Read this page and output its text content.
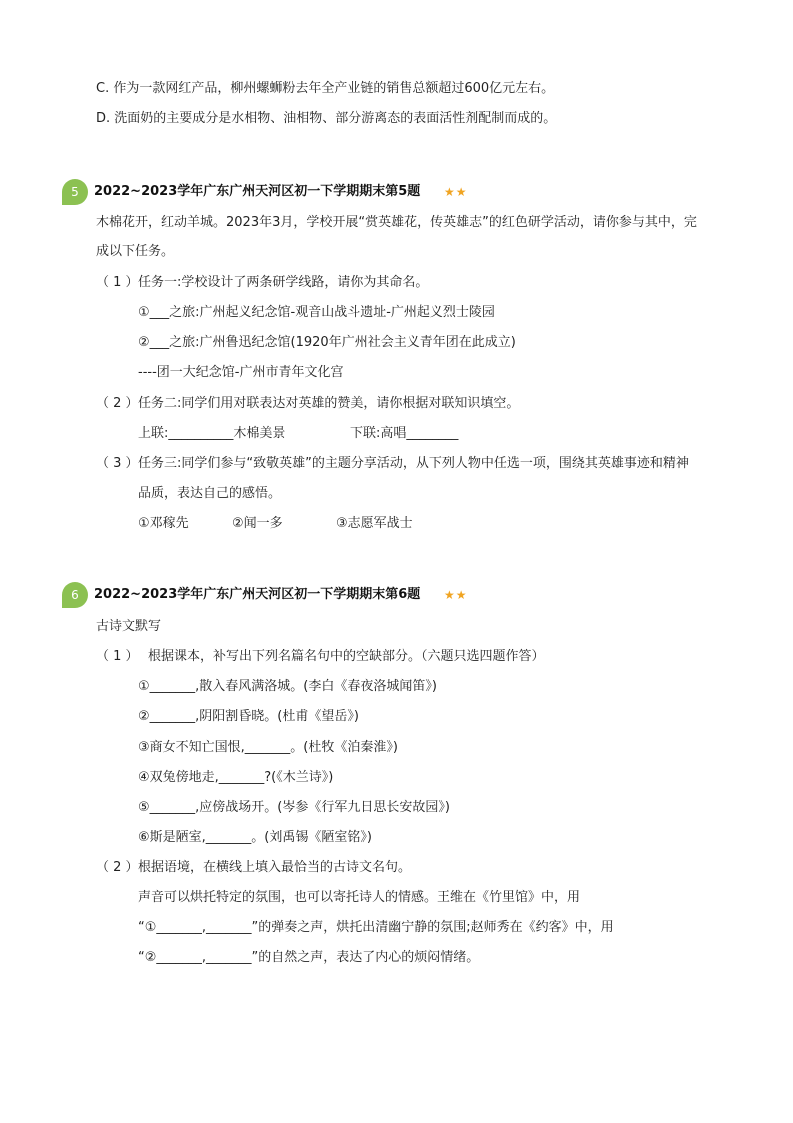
C. 作为一款网红产品，柳州螺蛳粉去年全产业链的销售总额超过600亿元左右。
D. 洗面奶的主要成分是水相物、油相物、部分游离态的表面活性剂配制而成的。
5	2022~2023学年广东广州天河区初一下学期期末第5题 ★★
木棉花开，红动羊城。2023年3月，学校开展“赏英雄花，传英雄志”的红色研学活动，请你参与其中，完
成以下任务。
（ 1 ） 任务一:学校设计了两条研学线路，请你为其命名。
①___之旅:广州起义纪念馆-观音山战斗遗址-广州起义烈士陵园
②___之旅:广州鲁迅纪念馆(1920年广州社会主义青年团在此成立)
----团一大纪念馆-广州市青年文化宫
（ 2 ） 任务二:同学们用对联表达对英雄的赞美，请你根据对联知识填空。
上联:__________木棉美景	下联:高唱________
（ 3 ） 任务三:同学们参与“致敬英雄”的主题分享活动，从下列人物中任选一项，围绕其英雄事迹和精神
品质，表达自己的感悟。
①邓稼先	②闻一多	③志愿军战士
6	2022~2023学年广东广州天河区初一下学期期末第6题 ★★
古诗文默写
（ 1 ） 根据课本，补写出下列名篇名句中的空缺部分。（六题只选四题作答）
①_______,散入春风满洛城。(李白《春夜洛城闻笛》)
②_______,阴阳割昏晓。(杜甫《望岳》)
③商女不知亡国恨,_______。(杜牧《泊秦淮》)
④双兔傍地走,_______?(《木兰诗》)
⑤_______,应傍战场开。(岑参《行军九日思长安故园》)
⑥斯是陋室,_______。(刘禹锡《陋室铭》)
（ 2 ） 根据语境，在横线上填入最恰当的古诗文名句。
声音可以烘托特定的氛围，也可以寄托诗人的情感。王维在《竹里馆》中，用
“①_______,_______”的弹奏之声，烘托出清幽宁静的氛围;赵师秀在《约客》中，用
“②_______,_______”的自然之声，表达了内心的烦闷情绪。
